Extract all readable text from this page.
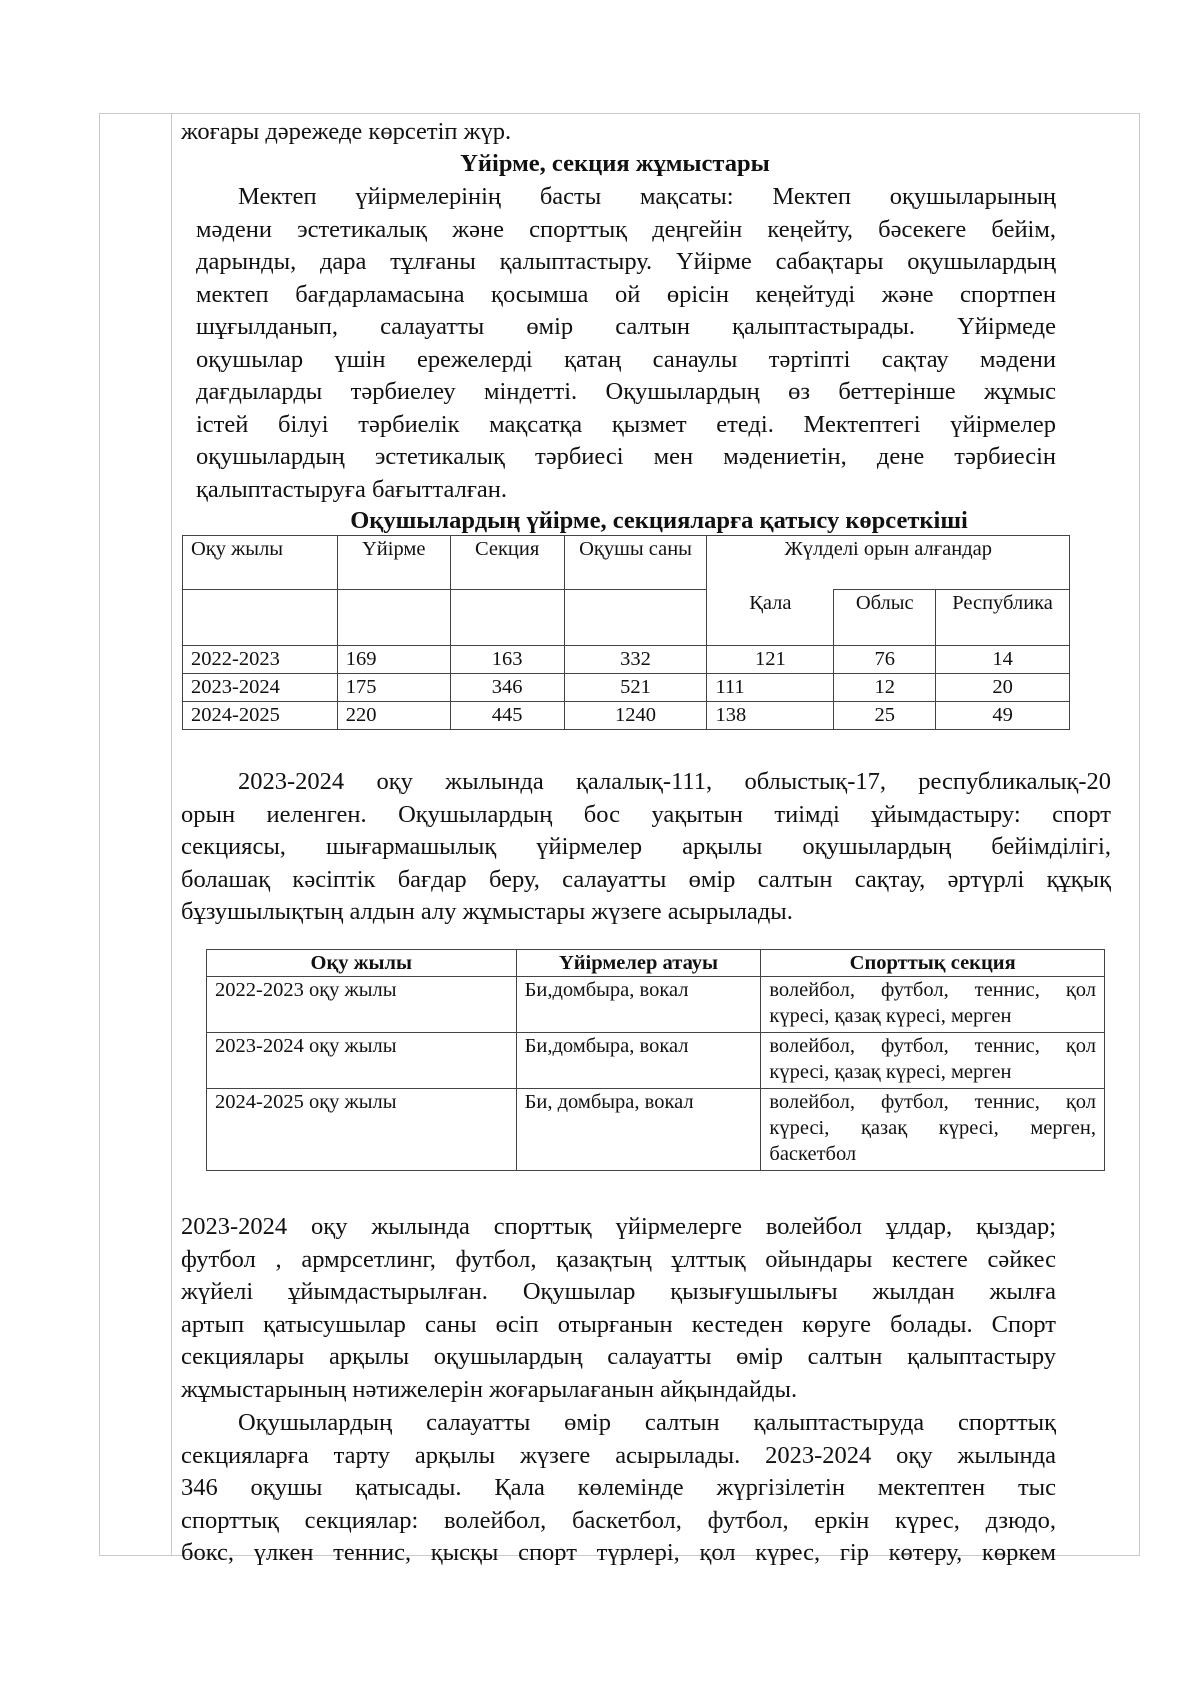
жоғары дәрежеде көрсетіп жүр.
Үйірме, секция жұмыстары
Мектеп үйірмелерінің басты мақсаты: Мектеп оқушыларының
мәдени эстетикалық және спорттық деңгейін кеңейту, бәсекеге бейім,
дарынды, дара тұлғаны қалыптастыру. Үйірме сабақтары оқушылардың
мектеп бағдарламасына қосымша ой өрісін кеңейтуді және спортпен
шұғылданып, салауатты өмір салтын қалыптастырады. Үйірмеде
оқушылар үшін ережелерді қатаң санаулы тәртіпті сақтау мәдени
дағдыларды тәрбиелеу міндетті. Оқушылардың өз беттерінше жұмыс
істей білуі тәрбиелік мақсатқа қызмет етеді. Мектептегі үйірмелер
оқушылардың эстетикалық тәрбиесі мен мәдениетін, дене тәрбиесін
қалыптастыруға бағытталған.
Оқушылардың үйірме, секцияларға қатысу көрсеткіші
Оқу жылы	Үйірме	Секция	Оқушы саны	Жүлделі орын алғандар		
				Қала	Облыс	Республика
2022-2023	169	163	332	121	76	14
2023-2024	175	346	521	111	12	20
2024-2025	220	445	1240	138	25	49
2023-2024 оқу жылында қалалық-111, облыстық-17, республикалық-20
орын иеленген. Оқушылардың бос уақытын тиімді ұйымдастыру: спорт
секциясы, шығармашылық үйірмелер арқылы оқушылардың бейімділігі,
болашақ кәсіптік бағдар беру, салауатты өмір салтын сақтау, әртүрлі құқық
бұзушылықтың алдын алу жұмыстары жүзеге асырылады.
Оқу жылы	Үйірмелер атауы	Спорттық секция
2022-2023 оқу жылы	Би,домбыра, вокал	волейбол, футбол, теннис, қол күресі, қазақ күресі, мерген
2023-2024 оқу жылы	Би,домбыра, вокал	волейбол, футбол, теннис, қол күресі, қазақ күресі, мерген
2024-2025 оқу жылы	Би, домбыра, вокал	волейбол, футбол, теннис, қол күресі, қазақ күресі, мерген, баскетбол
2023-2024 оқу жылында спорттық үйірмелерге волейбол ұлдар, қыздар;
футбол , армрсетлинг, футбол, қазақтың ұлттық ойындары кестеге сәйкес
жүйелі ұйымдастырылған. Оқушылар қызығушылығы жылдан жылға
артып қатысушылар саны өсіп отырғанын кестеден көруге болады. Спорт
секциялары арқылы оқушылардың салауатты өмір салтын қалыптастыру
жұмыстарының нәтижелерін жоғарылағанын айқындайды.
Оқушылардың салауатты өмір салтын қалыптастыруда спорттық
секцияларға тарту арқылы жүзеге асырылады. 2023-2024 оқу жылында
346 оқушы қатысады. Қала көлемінде жүргізілетін мектептен тыс
спорттық секциялар: волейбол, баскетбол, футбол, еркін күрес, дзюдо,
бокс, үлкен теннис, қысқы спорт түрлері, қол күрес, гір көтеру, көркем
